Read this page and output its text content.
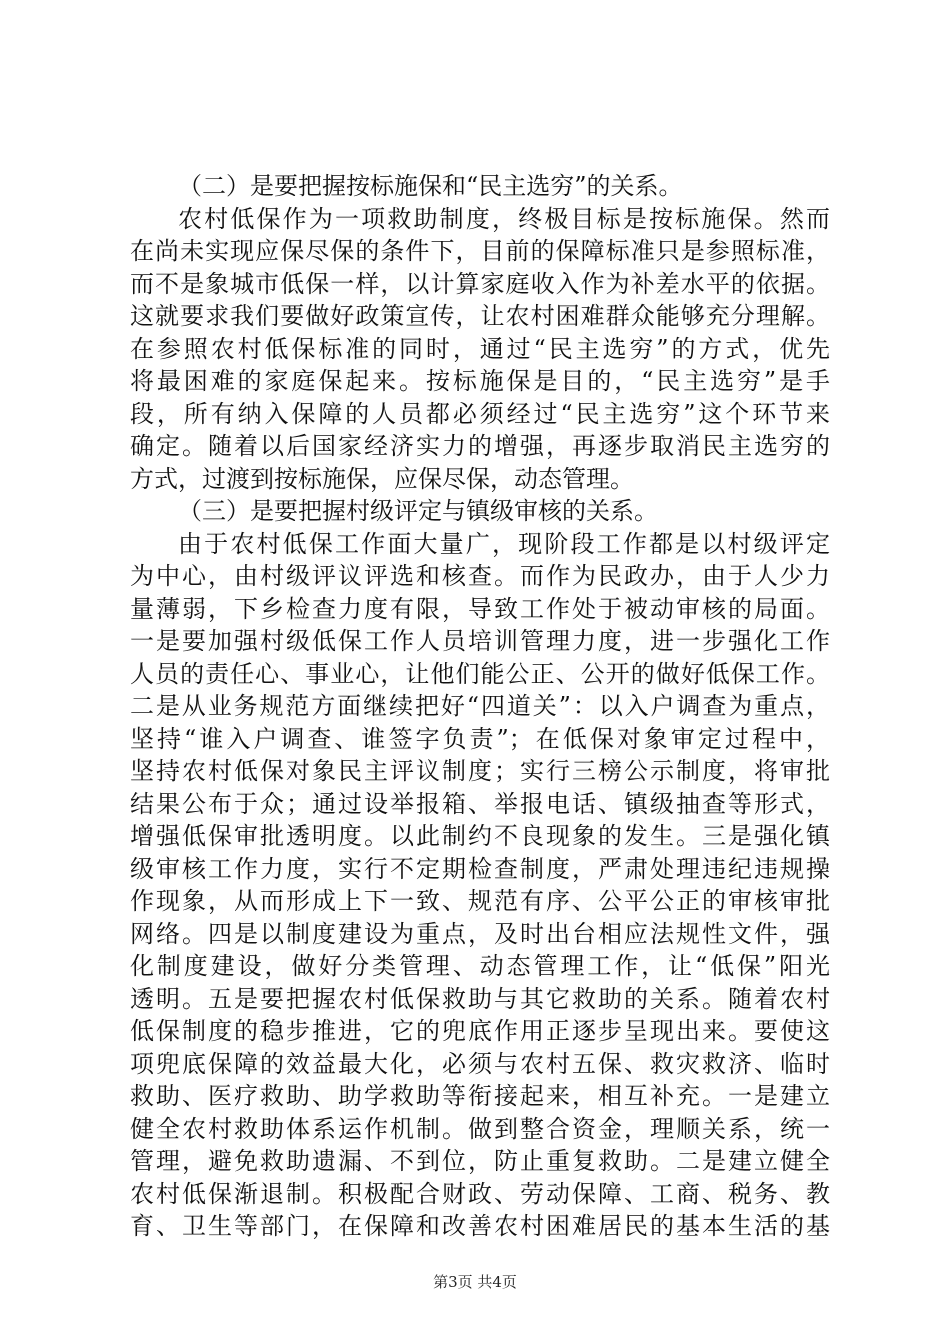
（二）是要把握按标施保和“民主选穷”的关系。
农村低保作为一项救助制度，终极目标是按标施保。然而
在尚未实现应保尽保的条件下，目前的保障标准只是参照标准，
而不是象城市低保一样，以计算家庭收入作为补差水平的依据。
这就要求我们要做好政策宣传，让农村困难群众能够充分理解。
在参照农村低保标准的同时，通过“民主选穷”的方式，优先
将最困难的家庭保起来。按标施保是目的，“民主选穷”是手
段，所有纳入保障的人员都必须经过“民主选穷”这个环节来
确定。随着以后国家经济实力的增强，再逐步取消民主选穷的
方式，过渡到按标施保，应保尽保，动态管理。
（三）是要把握村级评定与镇级审核的关系。
由于农村低保工作面大量广，现阶段工作都是以村级评定
为中心，由村级评议评选和核查。而作为民政办，由于人少力
量薄弱，下乡检查力度有限，导致工作处于被动审核的局面。
一是要加强村级低保工作人员培训管理力度，进一步强化工作
人员的责任心、事业心，让他们能公正、公开的做好低保工作。
二是从业务规范方面继续把好“四道关”：以入户调查为重点，
坚持“谁入户调查、谁签字负责”；在低保对象审定过程中，
坚持农村低保对象民主评议制度；实行三榜公示制度，将审批
结果公布于众；通过设举报箱、举报电话、镇级抽查等形式，
增强低保审批透明度。以此制约不良现象的发生。三是强化镇
级审核工作力度，实行不定期检查制度，严肃处理违纪违规操
作现象，从而形成上下一致、规范有序、公平公正的审核审批
网络。四是以制度建设为重点，及时出台相应法规性文件，强
化制度建设，做好分类管理、动态管理工作，让“低保”阳光
透明。五是要把握农村低保救助与其它救助的关系。随着农村
低保制度的稳步推进，它的兜底作用正逐步呈现出来。要使这
项兜底保障的效益最大化，必须与农村五保、救灾救济、临时
救助、医疗救助、助学救助等衔接起来，相互补充。一是建立
健全农村救助体系运作机制。做到整合资金，理顺关系，统一
管理，避免救助遗漏、不到位，防止重复救助。二是建立健全
农村低保渐退制。积极配合财政、劳动保障、工商、税务、教
育、卫生等部门，在保障和改善农村困难居民的基本生活的基
第3页 共4页
